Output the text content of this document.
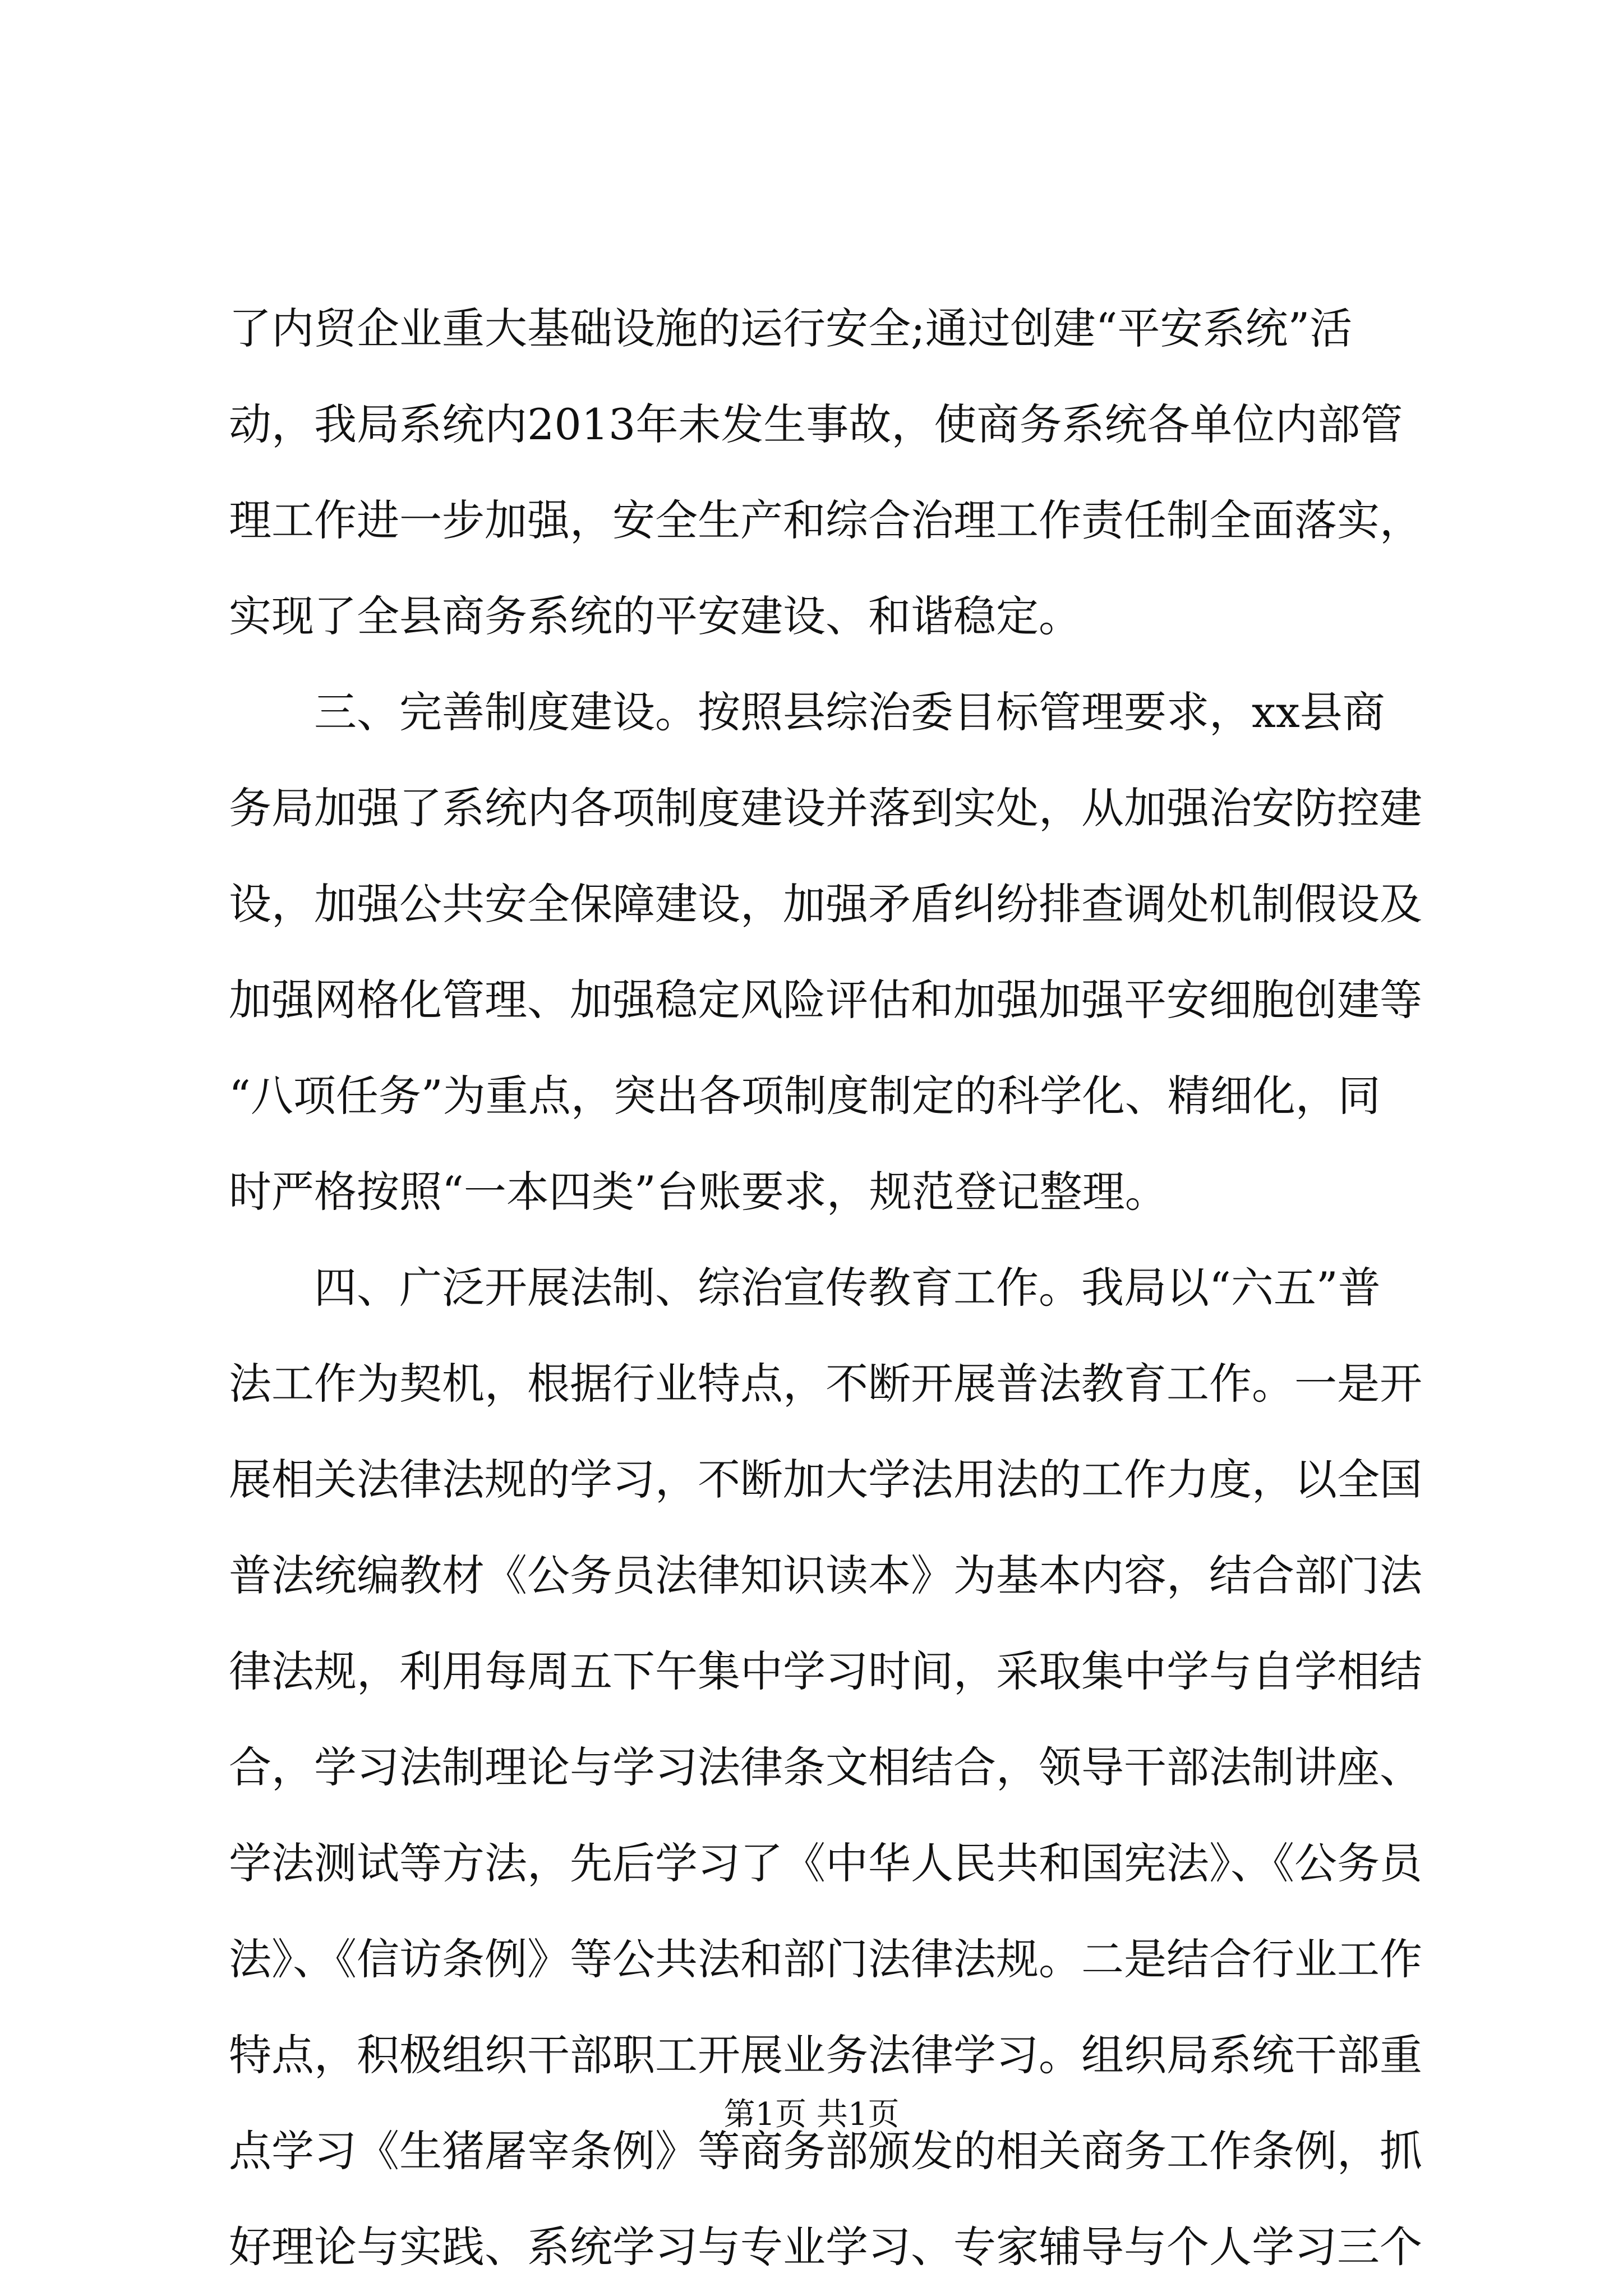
了内贸企业重大基础设施的运行安全;通过创建“平安系统”活
动，我局系统内2013年未发生事故，使商务系统各单位内部管
理工作进一步加强，安全生产和综合治理工作责任制全面落实，
实现了全县商务系统的平安建设、和谐稳定。
　　三、完善制度建设。按照县综治委目标管理要求，xx县商
务局加强了系统内各项制度建设并落到实处，从加强治安防控建
设，加强公共安全保障建设，加强矛盾纠纷排查调处机制假设及
加强网格化管理、加强稳定风险评估和加强加强平安细胞创建等
“八项任务”为重点，突出各项制度制定的科学化、精细化，同
时严格按照“一本四类”台账要求，规范登记整理。
　　四、广泛开展法制、综治宣传教育工作。我局以“六五”普
法工作为契机，根据行业特点，不断开展普法教育工作。一是开
展相关法律法规的学习，不断加大学法用法的工作力度，以全国
普法统编教材《公务员法律知识读本》为基本内容，结合部门法
律法规，利用每周五下午集中学习时间，采取集中学与自学相结
合，学习法制理论与学习法律条文相结合，领导干部法制讲座、
学法测试等方法，先后学习了《中华人民共和国宪法》、《公务员
法》、《信访条例》等公共法和部门法律法规。二是结合行业工作
特点，积极组织干部职工开展业务法律学习。组织局系统干部重
点学习《生猪屠宰条例》等商务部颁发的相关商务工作条例，抓
好理论与实践、系统学习与专业学习、专家辅导与个人学习三个
第1页 共1页
